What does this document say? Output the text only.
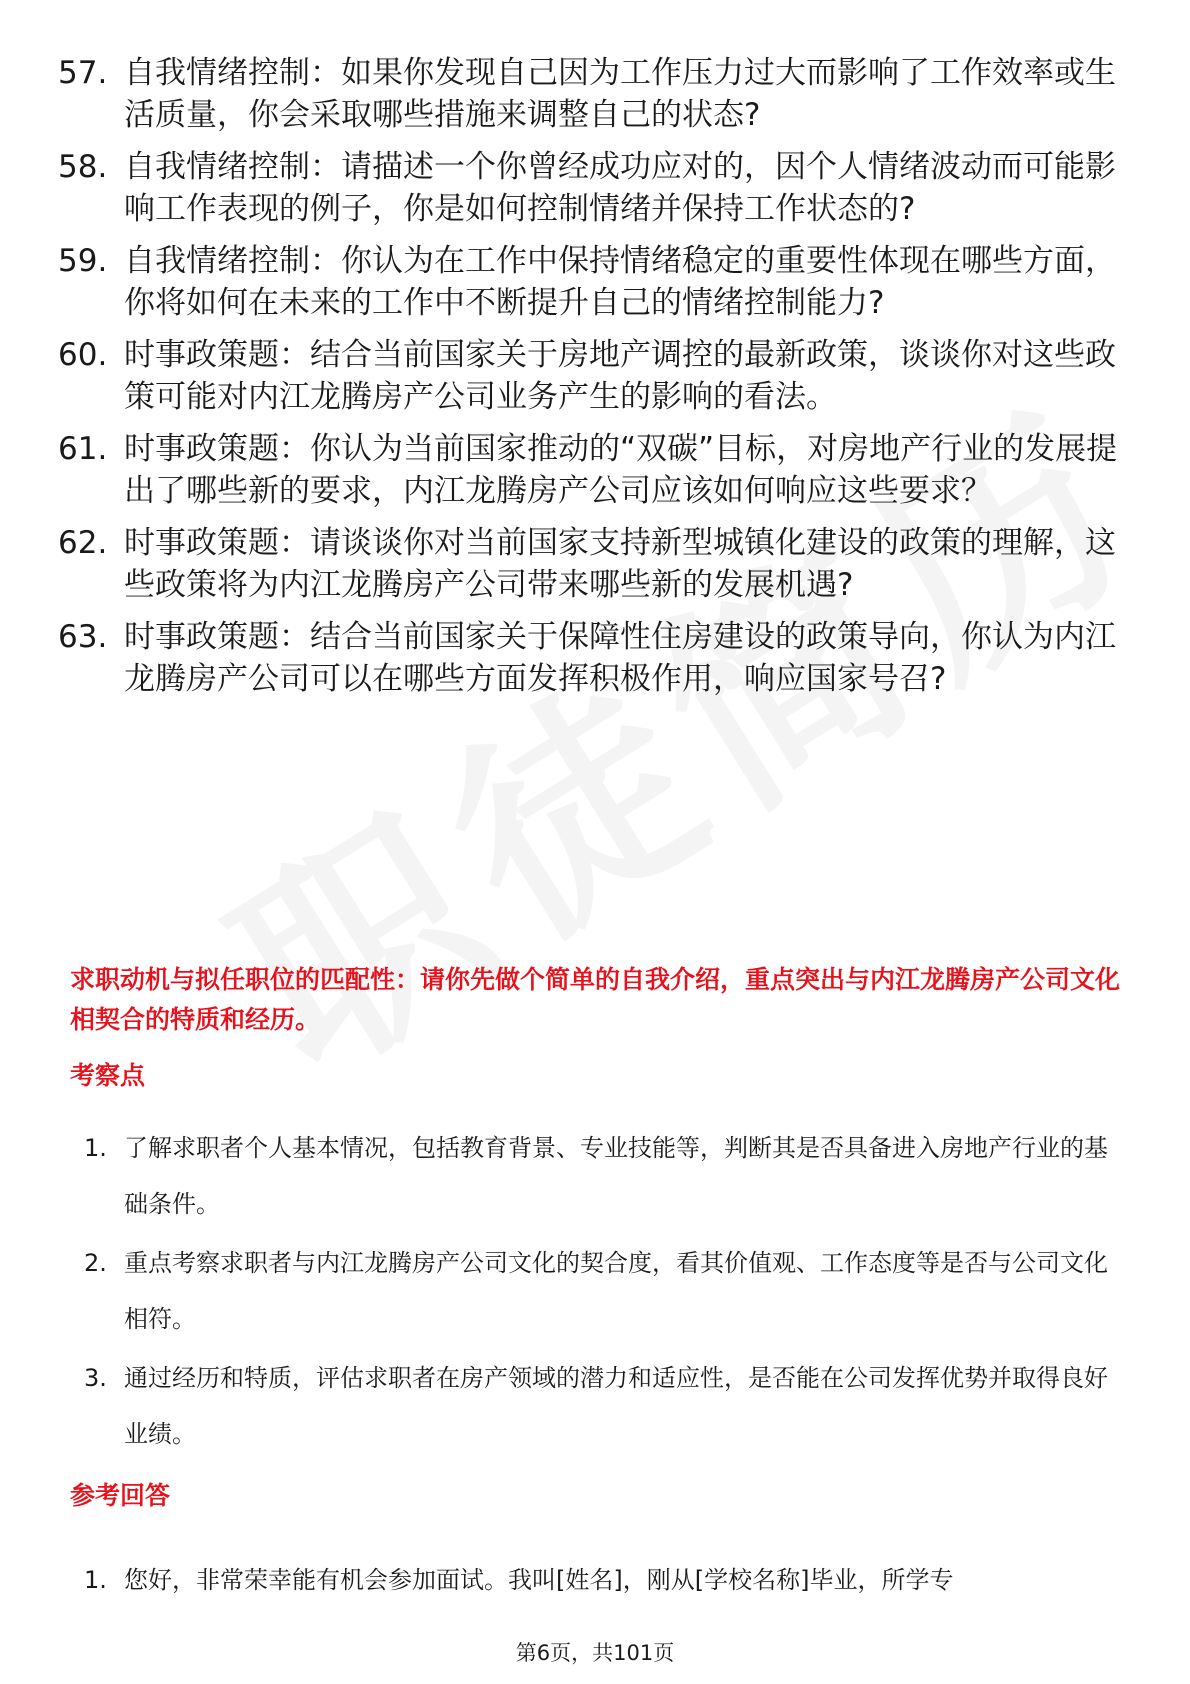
57. 自我情绪控制：如果你发现自己因为工作压力过大而影响了工作效率或生活质量，你会采取哪些措施来调整自己的状态?
58. 自我情绪控制：请描述一个你曾经成功应对的，因个人情绪波动而可能影响工作表现的例子，你是如何控制情绪并保持工作状态的?
59. 自我情绪控制：你认为在工作中保持情绪稳定的重要性体现在哪些方面，你将如何在未来的工作中不断提升自己的情绪控制能力?
60. 时事政策题：结合当前国家关于房地产调控的最新政策，谈谈你对这些政策可能对内江龙腾房产公司业务产生的影响的看法。
61. 时事政策题：你认为当前国家推动的“双碳”目标，对房地产行业的发展提出了哪些新的要求，内江龙腾房产公司应该如何响应这些要求？
62. 时事政策题：请谈谈你对当前国家支持新型城镇化建设的政策的理解，这些政策将为内江龙腾房产公司带来哪些新的发展机遇?
63. 时事政策题：结合当前国家关于保障性住房建设的政策导向，你认为内江龙腾房产公司可以在哪些方面发挥积极作用，响应国家号召?
求职动机与拟任职位的匹配性：请你先做个简单的自我介绍，重点突出与内江龙腾房产公司文化相契合的特质和经历。
考察点
1. 了解求职者个人基本情况，包括教育背景、专业技能等，判断其是否具备进入房地产行业的基础条件。
2. 重点考察求职者与内江龙腾房产公司文化的契合度，看其价值观、工作态度等是否与公司文化相符。
3. 通过经历和特质，评估求职者在房产领域的潜力和适应性，是否能在公司发挥优势并取得良好业绩。
参考回答
1. 您好，非常荣幸能有机会参加面试。我叫[姓名]，刚从[学校名称]毕业，所学专
第6页，共101页
